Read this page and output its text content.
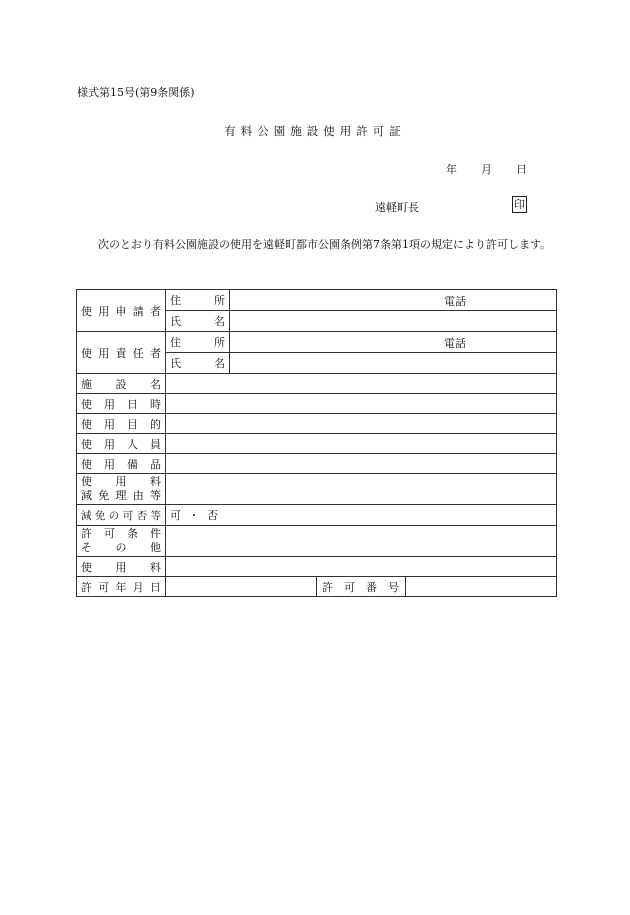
様式第15号(第9条関係)
有料公園施設使用許可証
年 月 日
遠軽町長	印
次のとおり有料公園施設の使用を遠軽町都市公園条例第7条第1項の規定により許可します。
使用申請者	住所	電話		

	氏名			

使用責任者	住所	電話		

	氏名			

施設名				

使用日時				

使用目的				

使用人員				

使用備品				

使用料
減免理由等				

減免の可否等	可 ・ 否			

許可条件
その他				

使用料				

許可年月日			許可番号	
